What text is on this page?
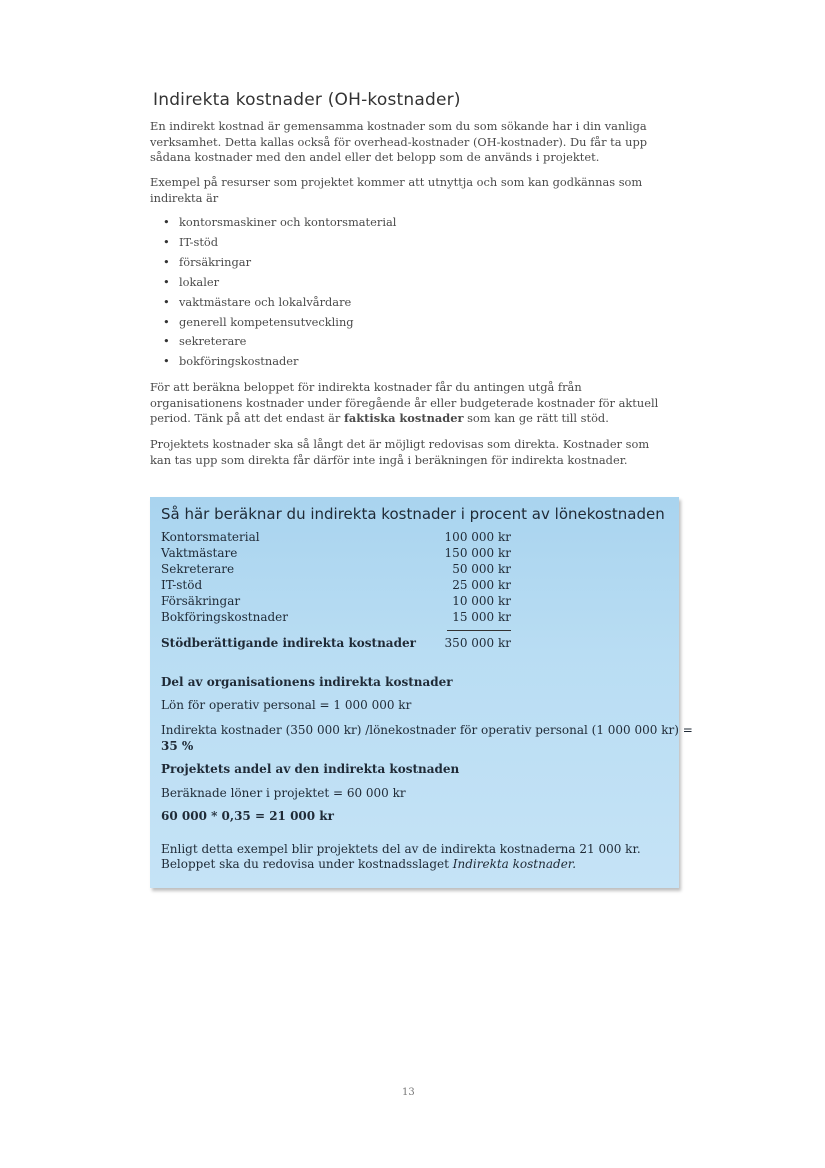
Indirekta kostnader (OH-kostnader)

En indirekt kostnad är gemensamma kostnader som du som sökande har i din vanliga verksamhet. Detta kallas också för overhead-kostnader (OH-kostnader). Du får ta upp sådana kostnader med den andel eller det belopp som de används i projektet.

Exempel på resurser som projektet kommer att utnyttja och som kan godkännas som indirekta är

• kontorsmaskiner och kontorsmaterial
• IT-stöd
• försäkringar
• lokaler
• vaktmästare och lokalvårdare
• generell kompetensutveckling
• sekreterare
• bokföringskostnader

För att beräkna beloppet för indirekta kostnader får du antingen utgå från organisationens kostnader under föregående år eller budgeterade kostnader för aktuell period. Tänk på att det endast är faktiska kostnader som kan ge rätt till stöd.

Projektets kostnader ska så långt det är möjligt redovisas som direkta. Kostnader som kan tas upp som direkta får därför inte ingå i beräkningen för indirekta kostnader.

Så här beräknar du indirekta kostnader i procent av lönekostnaden
Kontorsmaterial	100 000 kr
Vaktmästare	150 000 kr
Sekreterare	50 000 kr
IT-stöd	25 000 kr
Försäkringar	10 000 kr
Bokföringskostnader	15 000 kr
Stödberättigande indirekta kostnader 350 000 kr

Del av organisationens indirekta kostnader

Lön för operativ personal = 1 000 000 kr

Indirekta kostnader (350 000 kr) /lönekostnader för operativ personal (1 000 000 kr) =

35 %

Projektets andel av den indirekta kostnaden

Beräknade löner i projektet = 60 000 kr

60 000 * 0,35 = 21 000 kr

Enligt detta exempel blir projektets del av de indirekta kostnaderna 21 000 kr. Beloppet ska du redovisa under kostnadsslaget Indirekta kostnader.

13
